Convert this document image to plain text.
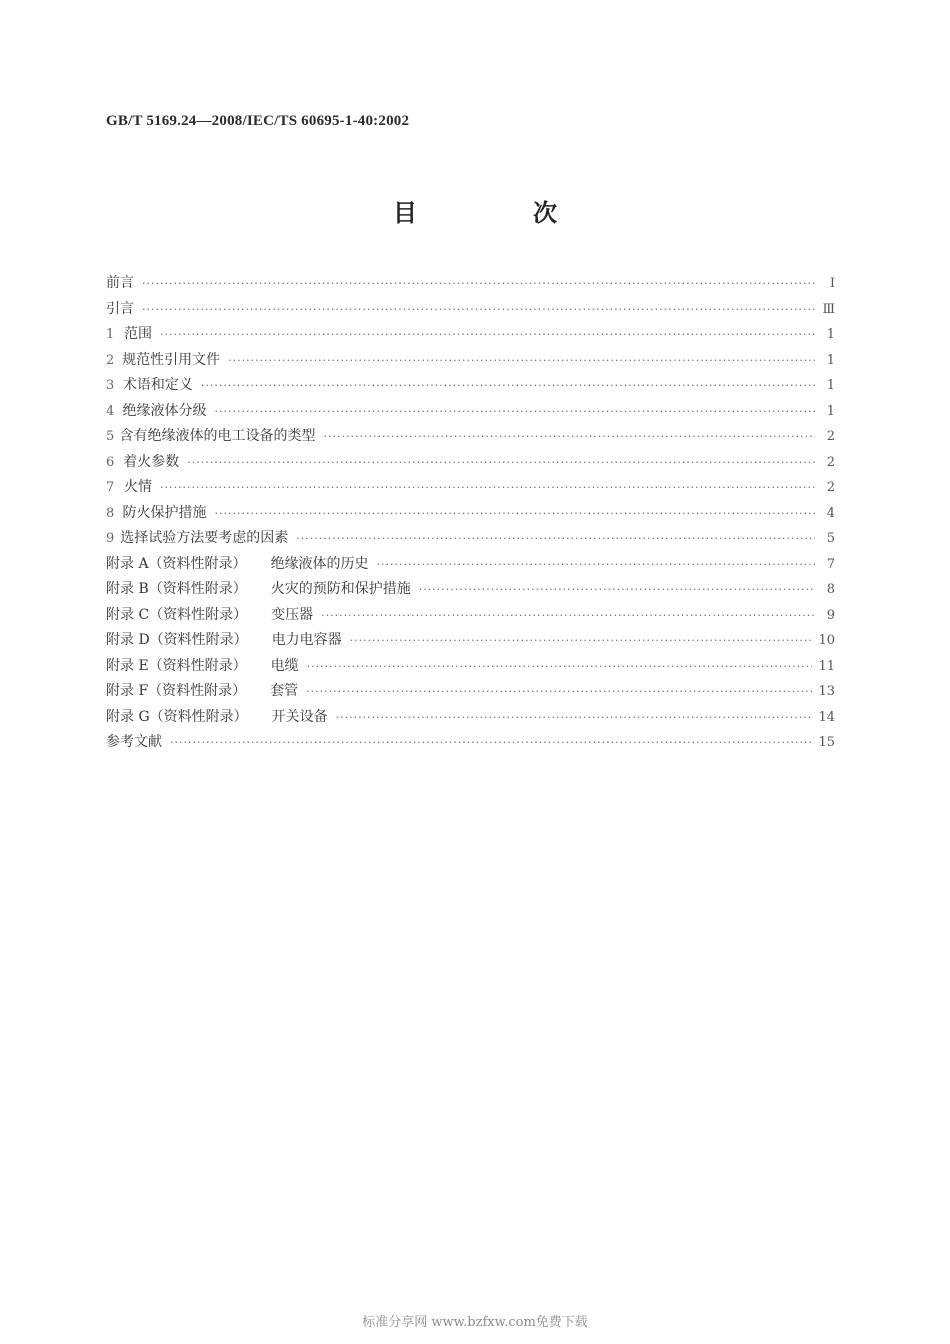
GB/T 5169.24—2008/IEC/TS 60695-1-40:2002
目　次
前言 ·····	Ⅰ
引言 ·····	Ⅲ
1 范围 ·····	1
2 规范性引用文件 ·····	1
3 术语和定义 ·····	1
4 绝缘液体分级 ·····	1
5 含有绝缘液体的电工设备的类型 ·····	2
6 着火参数 ·····	2
7 火情 ·····	2
8 防火保护措施 ·····	4
9 选择试验方法要考虑的因素 ·····	5
附录 A（资料性附录） 绝缘液体的历史 ·····	7
附录 B（资料性附录） 火灾的预防和保护措施 ·····	8
附录 C（资料性附录） 变压器 ·····	9
附录 D（资料性附录） 电力电容器 ·····	10
附录 E（资料性附录） 电缆 ·····	11
附录 F（资料性附录） 套管 ·····	13
附录 G（资料性附录） 开关设备 ·····	14
参考文献 ·····	15
标准分享网 www.bzfxw.com免费下载
